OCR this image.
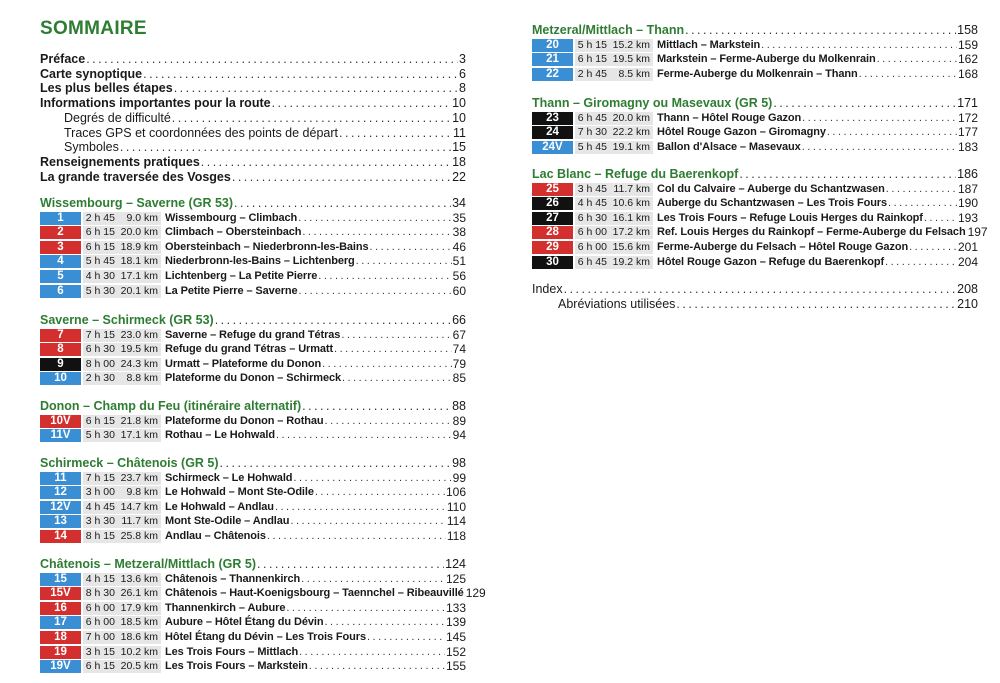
SOMMAIRE
Préface .....	3
Carte synoptique .....	6
Les plus belles étapes .....	8
Informations importantes pour la route .....	10
Degrés de difficulté .....	10
Traces GPS et coordonnées des points de départ .....	11
Symboles .....	15
Renseignements pratiques .....	18
La grande traversée des Vosges .....	22
Wissembourg – Saverne (GR 53) .....	34
1	2 h 45	9.0 km Wissembourg – Climbach .....	35
2	6 h 15 20.0 km Climbach – Obersteinbach .....	38
3	6 h 15 18.9 km Obersteinbach – Niederbronn-les-Bains .....	46
4	5 h 45 18.1 km Niederbronn-les-Bains – Lichtenberg .....	51
5	4 h 30 17.1 km Lichtenberg – La Petite Pierre .....	56
6	5 h 30 20.1 km La Petite Pierre – Saverne .....	60
Saverne – Schirmeck (GR 53) .....	66
7	7 h 15 23.0 km Saverne – Refuge du grand Tétras .....	67
8	6 h 30 19.5 km Refuge du grand Tétras – Urmatt .....	74
9	8 h 00 24.3 km Urmatt – Plateforme du Donon .....	79
10	2 h 30	8.8 km Plateforme du Donon – Schirmeck .....	85
Donon – Champ du Feu (itinéraire alternatif) .....	88
10V	6 h 15 21.8 km Plateforme du Donon – Rothau .....	89
11V	5 h 30 17.1 km Rothau – Le Hohwald .....	94
Schirmeck – Châtenois (GR 5) .....	98
11	7 h 15 23.7 km Schirmeck – Le Hohwald .....	99
12	3 h 00	9.8 km Le Hohwald – Mont Ste-Odile .....	106
12V	4 h 45 14.7 km Le Hohwald – Andlau .....	110
13	3 h 30 11.7 km Mont Ste-Odile – Andlau .....	114
14	8 h 15 25.8 km Andlau – Châtenois .....	118
Châtenois – Metzeral/Mittlach (GR 5) .....	124
15	4 h 15 13.6 km Châtenois – Thannenkirch .....	125
15V	8 h 30 26.1 km Châtenois – Haut-Koenigsbourg – Taennchel – Ribeauvillé 129
16	6 h 00 17.9 km Thannenkirch – Aubure .....	133
17	6 h 00 18.5 km Aubure – Hôtel Étang du Dévin .....	139
18	7 h 00 18.6 km Hôtel Étang du Dévin – Les Trois Fours .....	145
19	3 h 15 10.2 km Les Trois Fours – Mittlach .....	152
19V	6 h 15 20.5 km Les Trois Fours – Markstein .....	155
Metzeral/Mittlach – Thann .....	158
20	5 h 15 15.2 km Mittlach – Markstein .....	159
21	6 h 15 19.5 km Markstein – Ferme-Auberge du Molkenrain .....	162
22	2 h 45	8.5 km Ferme-Auberge du Molkenrain – Thann .....	168
Thann – Giromagny ou Masevaux (GR 5) .....	171
23	6 h 45 20.0 km Thann – Hôtel Rouge Gazon .....	172
24	7 h 30 22.2 km Hôtel Rouge Gazon – Giromagny .....	177
24V	5 h 45 19.1 km Ballon d'Alsace – Masevaux .....	183
Lac Blanc – Refuge du Baerenkopf .....	186
25	3 h 45 11.7 km Col du Calvaire – Auberge du Schantzwasen .....	187
26	4 h 45 10.6 km Auberge du Schantzwasen – Les Trois Fours .....	190
27	6 h 30 16.1 km Les Trois Fours – Refuge Louis Herges du Rainkopf .....	193
28	6 h 00 17.2 km Ref. Louis Herges du Rainkopf – Ferme-Auberge du Felsach 197
29	6 h 00 15.6 km Ferme-Auberge du Felsach – Hôtel Rouge Gazon .....	201
30	6 h 45 19.2 km Hôtel Rouge Gazon – Refuge du Baerenkopf .....	204
Index .....	208
Abréviations utilisées .....	210
